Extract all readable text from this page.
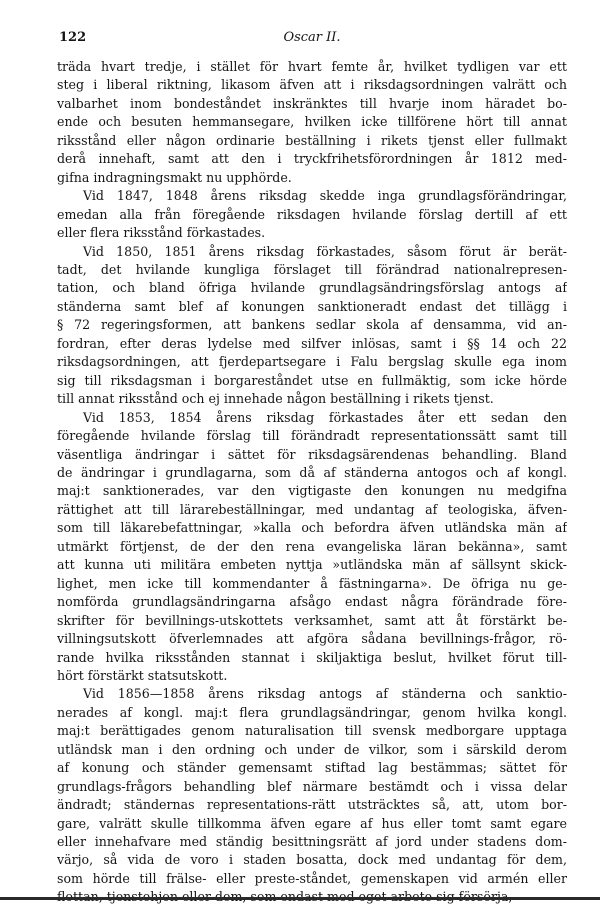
122	Oscar II.

träda hvart tredje, i stället för hvart femte år, hvilket tydligen var ett
steg i liberal riktning, likasom äfven att i riksdagsordningen valrätt och
valbarhet inom bondeståndet inskränktes till hvarje inom häradet bo-
ende och besuten hemmansegare, hvilken icke tillförene hört till annat
riksstånd eller någon ordinarie beställning i rikets tjenst eller fullmakt
derå innehaft, samt att den i tryckfrihetsförordningen år 1812 med-
gifna indragningsmakt nu upphörde.

Vid 1847, 1848 årens riksdag skedde inga grundlagsförändringar,
emedan alla från föregående riksdagen hvilande förslag dertill af ett
eller flera riksstånd förkastades.

Vid 1850, 1851 årens riksdag förkastades, såsom förut är berät-
tadt, det hvilande kungliga förslaget till förändrad nationalrepresen-
tation, och bland öfriga hvilande grundlagsändringsförslag antogs af
ständerna samt blef af konungen sanktioneradt endast det tillägg i
§ 72 regeringsformen, att bankens sedlar skola af densamma, vid an-
fordran, efter deras lydelse med silfver inlösas, samt i §§ 14 och 22
riksdagsordningen, att fjerdepartsegare i Falu bergslag skulle ega inom
sig till riksdagsman i borgareståndet utse en fullmäktig, som icke hörde
till annat riksstånd och ej innehade någon beställning i rikets tjenst.

Vid 1853, 1854 årens riksdag förkastades åter ett sedan den
föregående hvilande förslag till förändradt representationssätt samt till
väsentliga ändringar i sättet för riksdagsärendenas behandling. Bland
de ändringar i grundlagarna, som då af ständerna antogos och af kongl.
maj:t sanktionerades, var den vigtigaste den konungen nu medgifna
rättighet att till lärarebeställningar, med undantag af teologiska, äfven-
som till läkarebefattningar, »kalla och befordra äfven utländska män af
utmärkt förtjenst, de der den rena evangeliska läran bekänna», samt
att kunna uti militära embeten nyttja »utländska män af sällsynt skick-
lighet, men icke till kommendanter å fästningarna». De öfriga nu ge-
nomförda grundlagsändringarna afsågo endast några förändrade före-
skrifter för bevillnings-utskottets verksamhet, samt att åt förstärkt be-
villningsutskott öfverlemnades att afgöra sådana bevillnings-frågor, rö-
rande hvilka riksstånden stannat i skiljaktiga beslut, hvilket förut till-
hört förstärkt statsutskott.

Vid 1856—1858 årens riksdag antogs af ständerna och sanktio-
nerades af kongl. maj:t flera grundlagsändringar, genom hvilka kongl.
maj:t berättigades genom naturalisation till svensk medborgare upptaga
utländsk man i den ordning och under de vilkor, som i särskild derom
af konung och ständer gemensamt stiftad lag bestämmas; sättet för
grundlags-frågors behandling blef närmare bestämdt och i vissa delar
ändradt; ständernas representations-rätt utsträcktes så, att, utom bor-
gare, valrätt skulle tillkomma äfven egare af hus eller tomt samt egare
eller innehafvare med ständig besittningsrätt af jord under stadens dom-
värjo, så vida de voro i staden bosatta, dock med undantag för dem,
som hörde till frälse- eller preste-ståndet, gemenskapen vid armén eller
